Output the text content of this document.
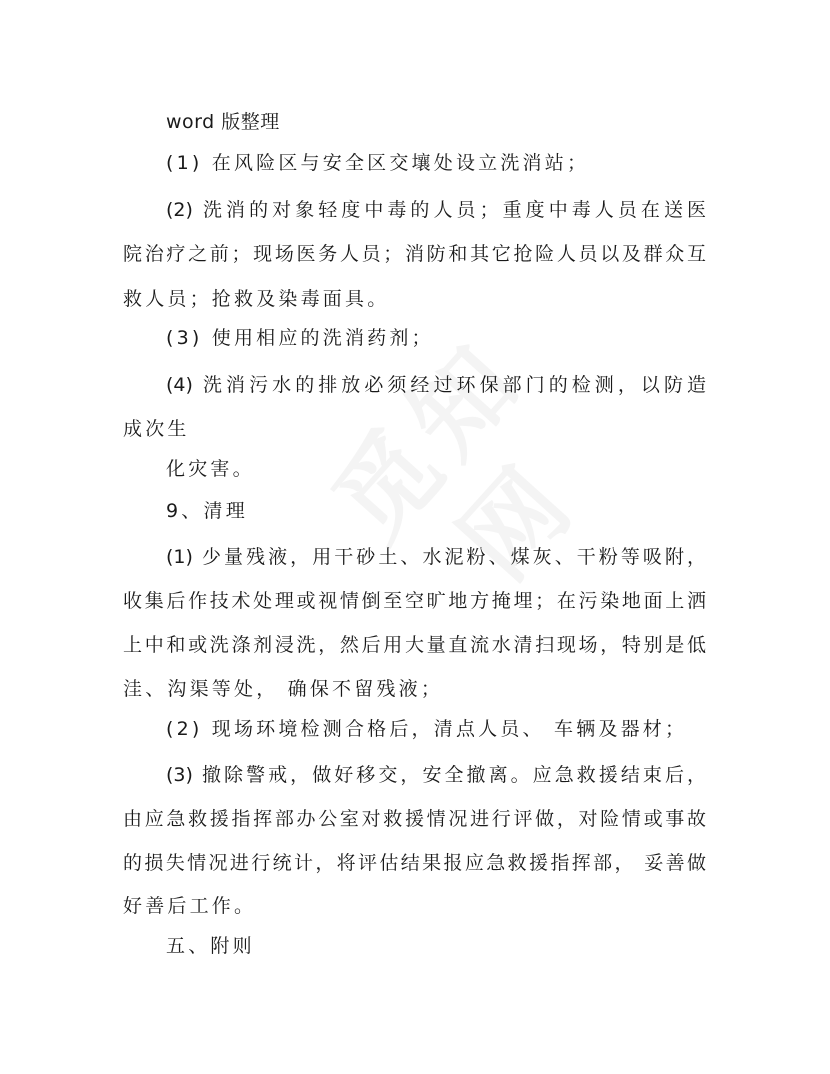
word 版整理

(1) 在风险区与安全区交壤处设立洗消站；

(2) 洗消的对象轻度中毒的人员；重度中毒人员在送医

院治疗之前；现场医务人员；消防和其它抢险人员以及群众互

救人员；抢救及染毒面具。

(3) 使用相应的洗消药剂；

(4) 洗消污水的排放必须经过环保部门的检测，以防造

成次生

化灾害。

9、清理

(1) 少量残液，用干砂土、水泥粉、煤灰、干粉等吸附，

收集后作技术处理或视情倒至空旷地方掩埋；在污染地面上洒

上中和或洗涤剂浸洗，然后用大量直流水清扫现场，特别是低

洼、沟渠等处， 确保不留残液；

(2) 现场环境检测合格后，清点人员、 车辆及器材；

(3) 撤除警戒，做好移交，安全撤离。应急救援结束后，

由应急救援指挥部办公室对救援情况进行评做，对险情或事故

的损失情况进行统计，将评估结果报应急救援指挥部， 妥善做

好善后工作。

五、附则
